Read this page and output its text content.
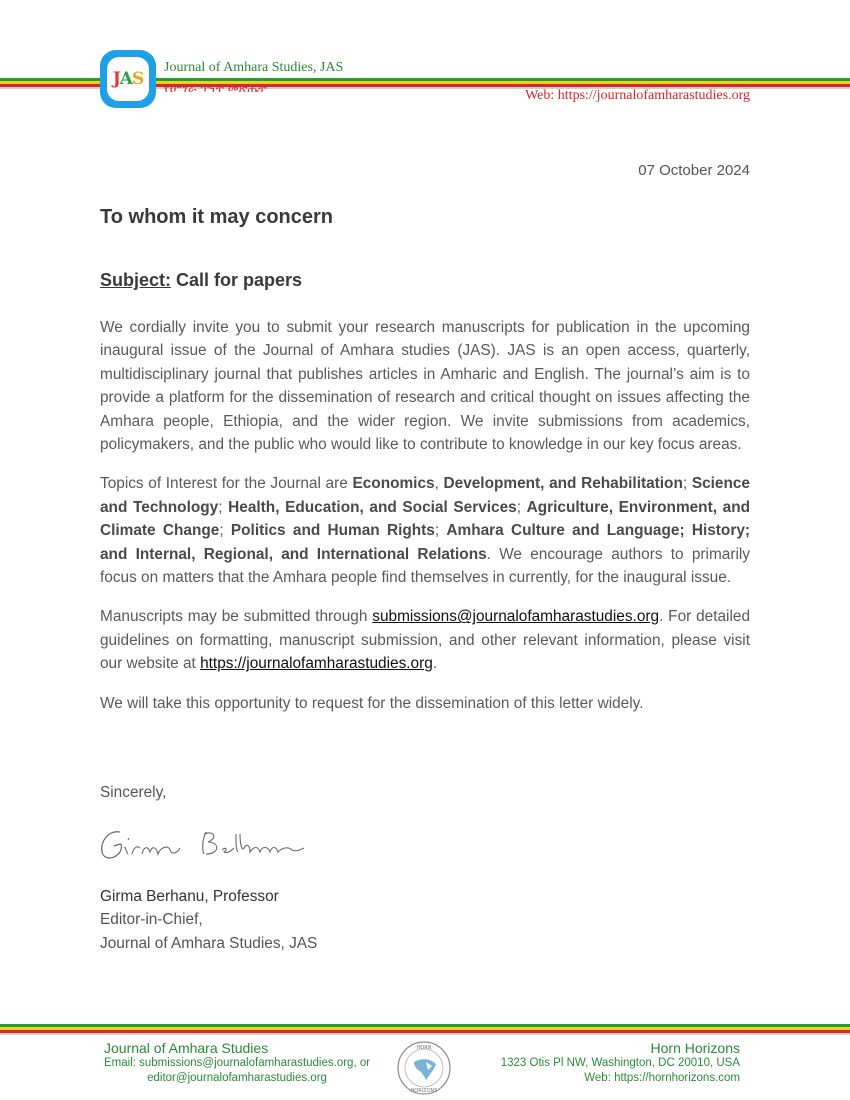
J A S
Journal of Amhara Studies, JAS
የዐማራ ጥናት መጽሔት	Web: https://journalofamharastudies.org
07 October 2024
To whom it may concern
Subject: Call for papers

We cordially invite you to submit your research manuscripts for publication in the upcoming inaugural issue of the Journal of Amhara studies (JAS). JAS is an open access, quarterly, multidisciplinary journal that publishes articles in Amharic and English. The journal’s aim is to provide a platform for the dissemination of research and critical thought on issues affecting the Amhara people, Ethiopia, and the wider region. We invite submissions from academics, policymakers, and the public who would like to contribute to knowledge in our key focus areas.

Topics of Interest for the Journal are Economics, Development, and Rehabilitation; Science and Technology; Health, Education, and Social Services; Agriculture, Environment, and Climate Change; Politics and Human Rights; Amhara Culture and Language; History; and Internal, Regional, and International Relations. We encourage authors to primarily focus on matters that the Amhara people find themselves in currently, for the inaugural issue.

Manuscripts may be submitted through submissions@journalofamharastudies.org. For detailed guidelines on formatting, manuscript submission, and other relevant information, please visit our website at https://journalofamharastudies.org.

We will take this opportunity to request for the dissemination of this letter widely.

Sincerely,
Girma Berhanu, Professor
Editor-in-Chief,
Journal of Amhara Studies, JAS
Journal of Amhara Studies
Email: submissions@journalofamharastudies.org, or
editor@journalofamharastudies.org
HORN
HORIZONS
Horn Horizons
1323 Otis Pl NW, Washington, DC 20010, USA
Web: https://hornhorizons.com
